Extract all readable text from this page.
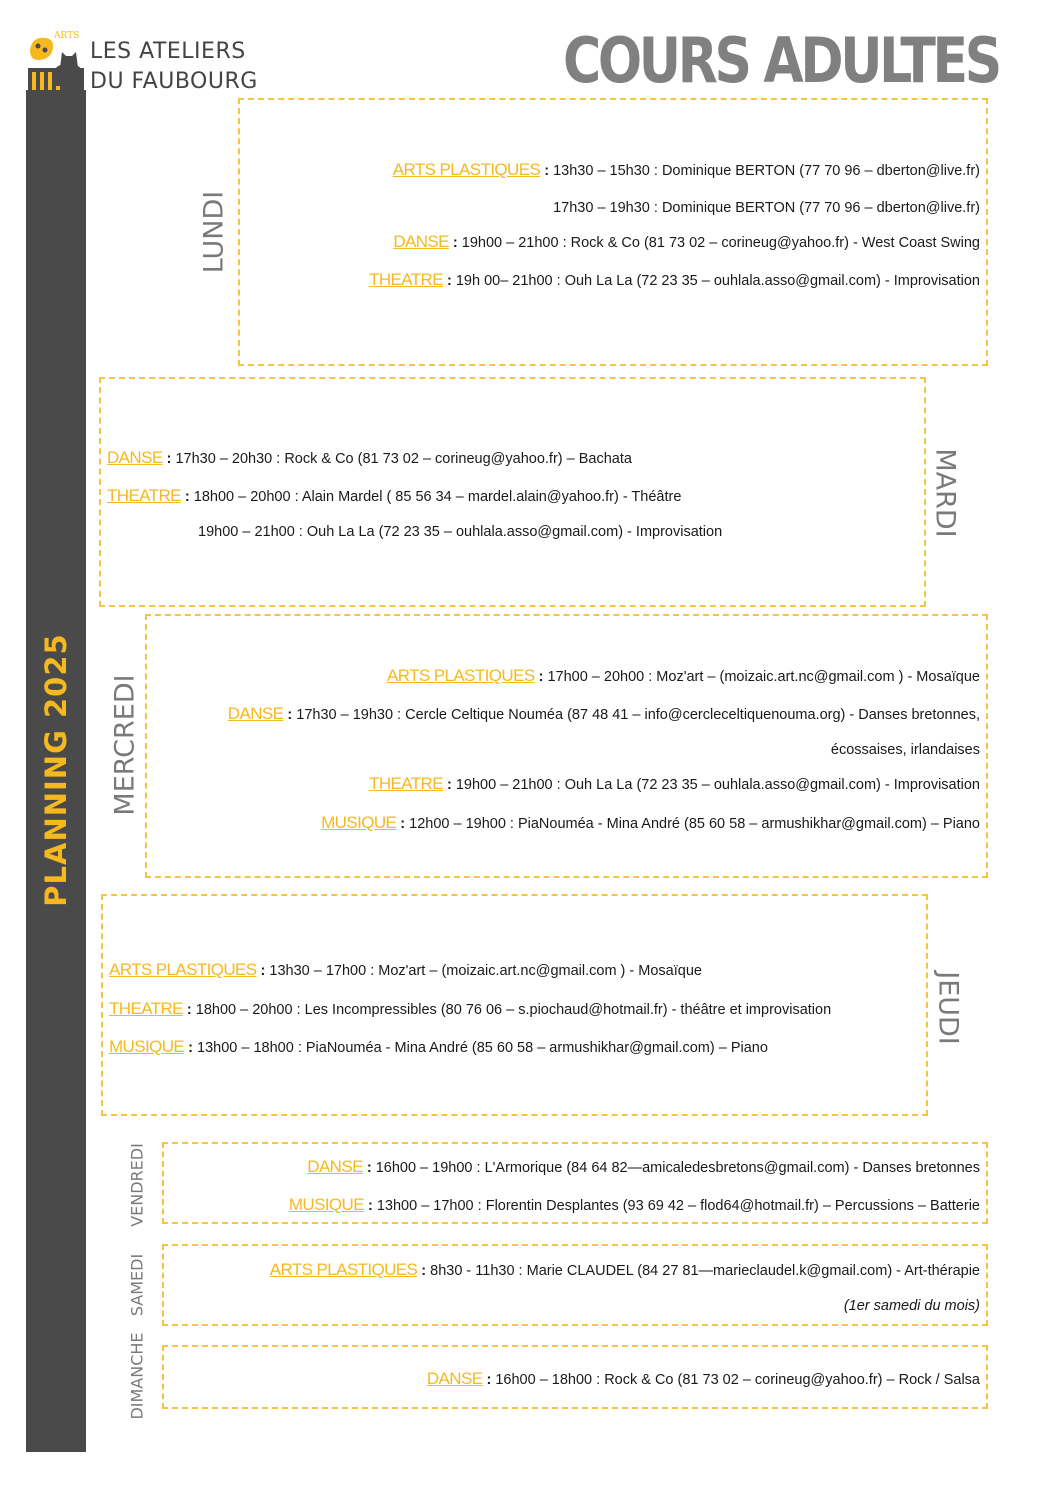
PLANNING 2025
ARTS
LES ATELIERS
DU FAUBOURG	COURS ADULTES
ARTS PLASTIQUES : 13h30 – 15h30 : Dominique BERTON (77 70 96 – dberton@live.fr)
17h30 – 19h30 : Dominique BERTON (77 70 96 – dberton@live.fr)
DANSE : 19h00 – 21h00 : Rock & Co (81 73 02 – corineug@yahoo.fr) - West Coast Swing
THEATRE : 19h 00– 21h00 : Ouh La La (72 23 35 – ouhlala.asso@gmail.com) - Improvisation
LUNDI
DANSE : 17h30 – 20h30 : Rock & Co (81 73 02 – corineug@yahoo.fr) – Bachata
THEATRE : 18h00 – 20h00 : Alain Mardel ( 85 56 34 – mardel.alain@yahoo.fr) - Théâtre
19h00 – 21h00 : Ouh La La (72 23 35 – ouhlala.asso@gmail.com) - Improvisation	MARDI
ARTS PLASTIQUES : 17h00 – 20h00 : Moz'art – (moizaic.art.nc@gmail.com ) - Mosaïque
DANSE : 17h30 – 19h30 : Cercle Celtique Nouméa (87 48 41 – info@cercleceltiquenouma.org) - Danses bretonnes,
écossaises, irlandaises
THEATRE : 19h00 – 21h00 : Ouh La La (72 23 35 – ouhlala.asso@gmail.com) - Improvisation
MUSIQUE : 12h00 – 19h00 : PiaNouméa - Mina André (85 60 58 – armushikhar@gmail.com) – Piano
MERCREDI
ARTS PLASTIQUES : 13h30 – 17h00 : Moz'art – (moizaic.art.nc@gmail.com ) - Mosaïque
THEATRE : 18h00 – 20h00 : Les Incompressibles (80 76 06 – s.piochaud@hotmail.fr) - théâtre et improvisation
MUSIQUE : 13h00 – 18h00 : PiaNouméa - Mina André (85 60 58 – armushikhar@gmail.com) – Piano
JEUDI
DANSE : 16h00 – 19h00 : L'Armorique (84 64 82—amicaledesbretons@gmail.com) - Danses bretonnes
MUSIQUE : 13h00 – 17h00 : Florentin Desplantes (93 69 42 – flod64@hotmail.fr) – Percussions – Batterie
VENDREDI
ARTS PLASTIQUES : 8h30 - 11h30 : Marie CLAUDEL (84 27 81—marieclaudel.k@gmail.com) - Art-thérapie
(1er samedi du mois)
SAMEDI
DANSE : 16h00 – 18h00 : Rock & Co (81 73 02 – corineug@yahoo.fr) – Rock / Salsa
DIMANCHE
